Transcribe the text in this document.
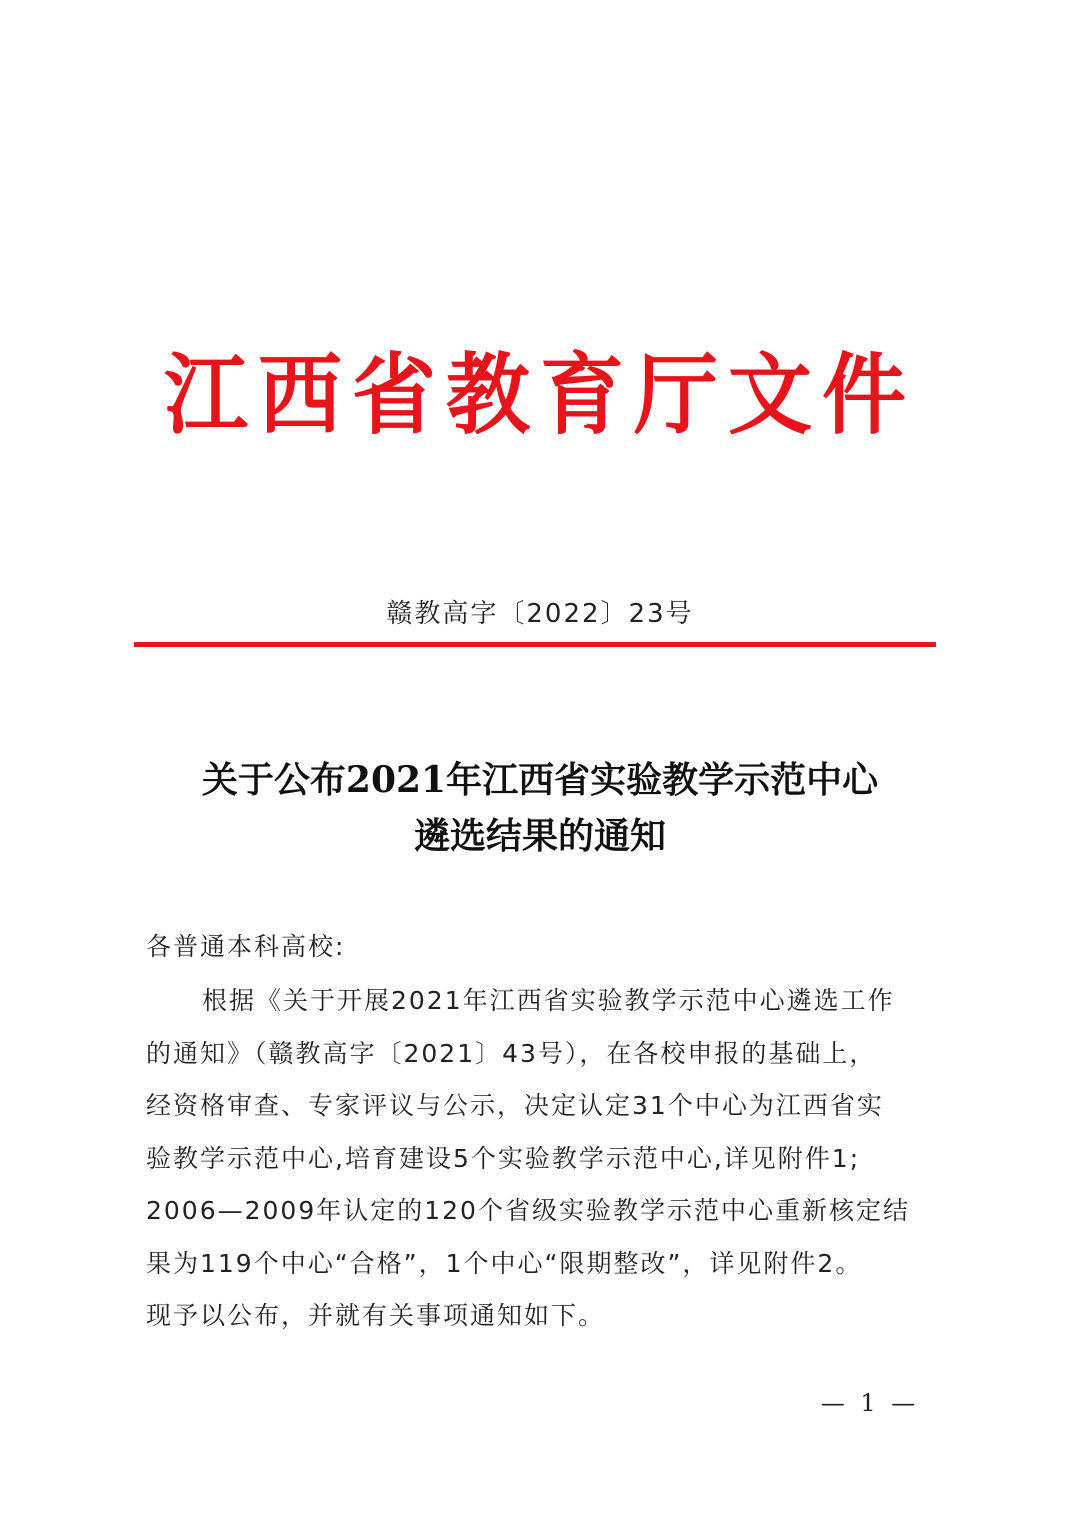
江西省教育厅文件
赣教高字〔2022〕23号
关于公布2021年江西省实验教学示范中心
遴选结果的通知
各普通本科高校:
根据《关于开展2021年江西省实验教学示范中心遴选工作
的通知》（赣教高字〔2021〕43号），在各校申报的基础上，
经资格审查、专家评议与公示，决定认定31个中心为江西省实
验教学示范中心,培育建设5个实验教学示范中心,详见附件1;
2006—2009年认定的120个省级实验教学示范中心重新核定结
果为119个中心“合格”，1个中心“限期整改”，详见附件2。
现予以公布，并就有关事项通知如下。
— 1 —
